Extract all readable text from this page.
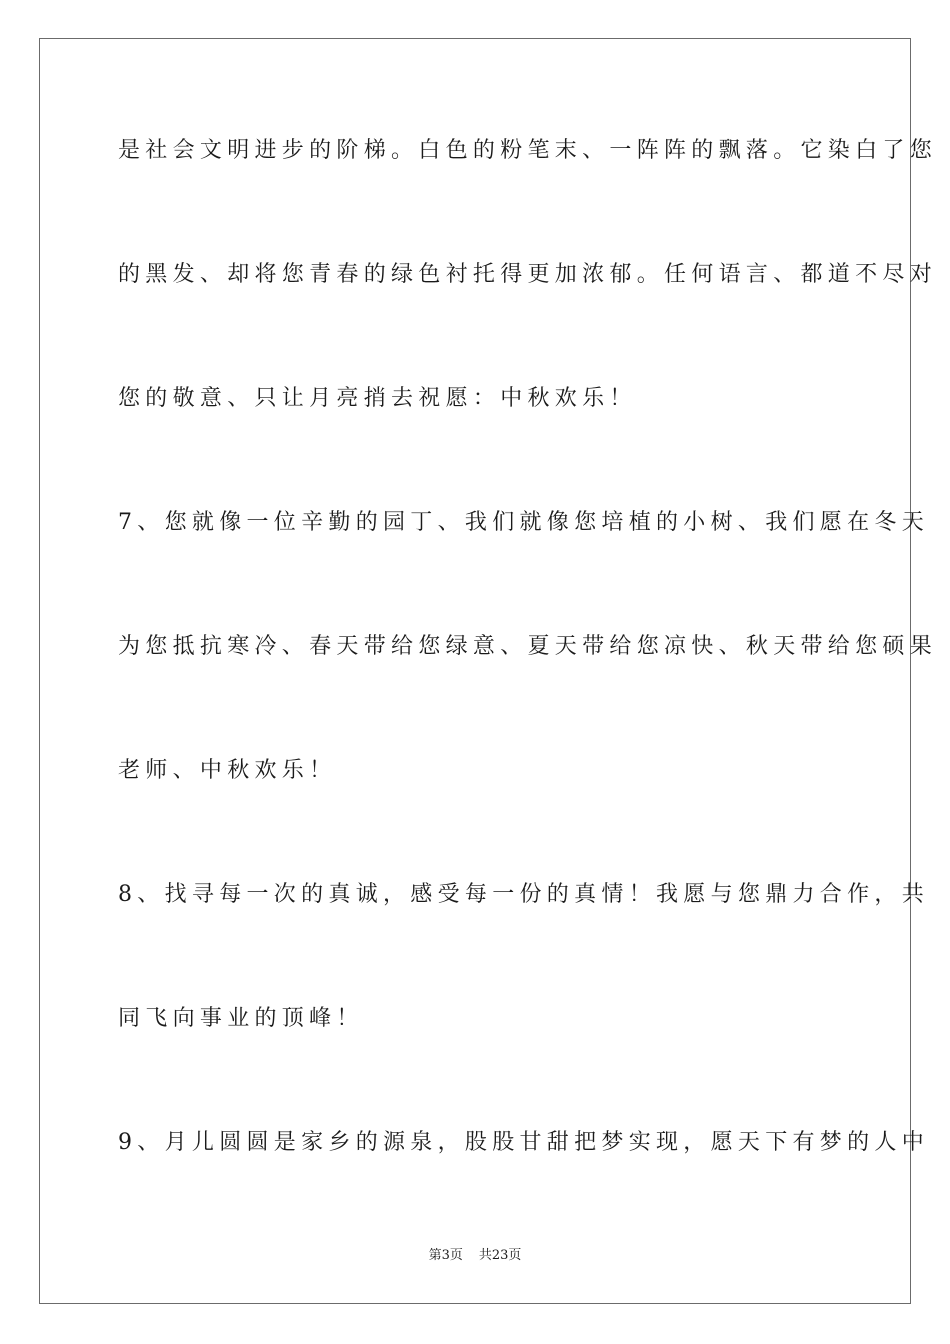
是社会文明进步的阶梯。白色的粉笔末、一阵阵的飘落。它染白了您
的黑发、却将您青春的绿色衬托得更加浓郁。任何语言、都道不尽对
您的敬意、只让月亮捎去祝愿：中秋欢乐！
7、您就像一位辛勤的园丁、我们就像您培植的小树、我们愿在冬天
为您抵抗寒冷、春天带给您绿意、夏天带给您凉快、秋天带给您硕果
老师、中秋欢乐！
8、找寻每一次的真诚，感受每一份的真情！我愿与您鼎力合作，共
同飞向事业的顶峰！
9、月儿圆圆是家乡的源泉，股股甘甜把梦实现，愿天下有梦的人中
第3页 共23页
